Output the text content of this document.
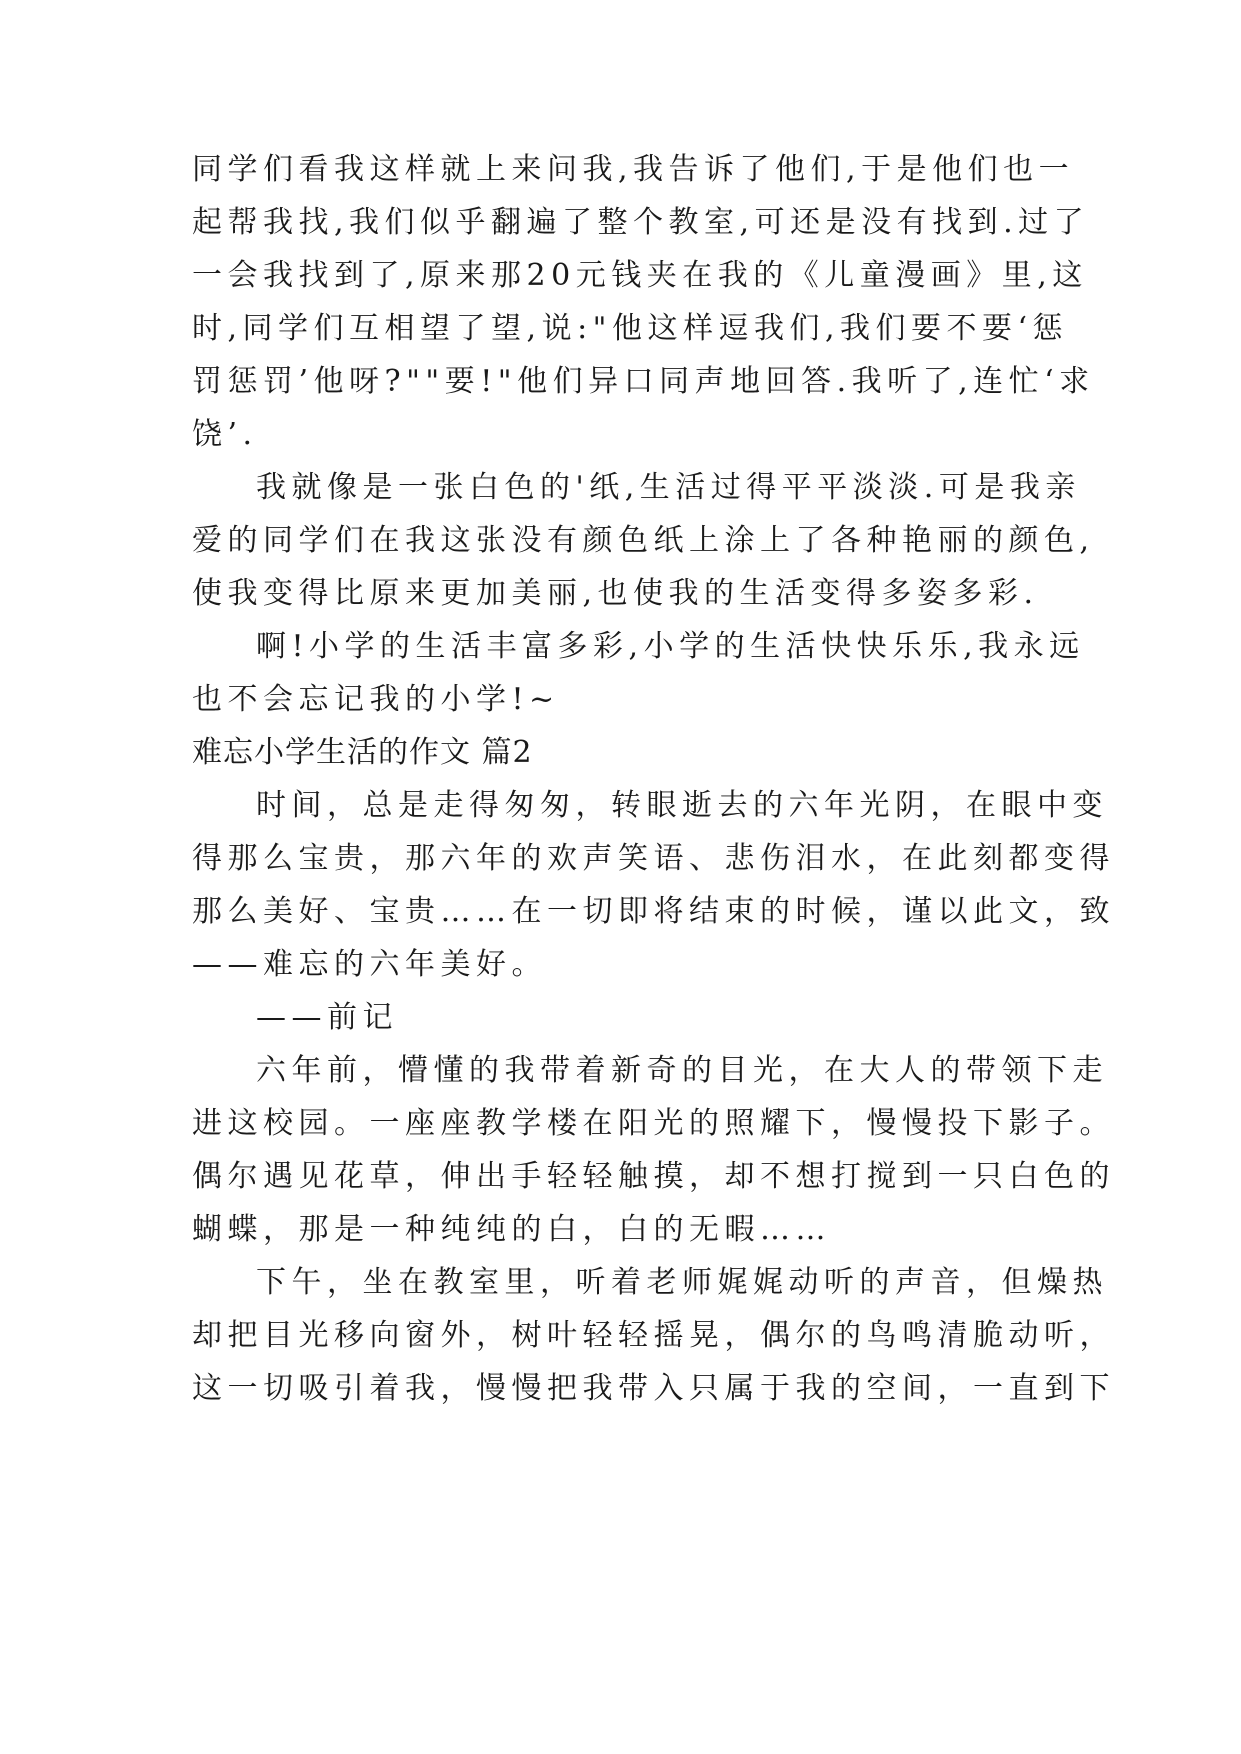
同学们看我这样就上来问我,我告诉了他们,于是他们也一
起帮我找,我们似乎翻遍了整个教室,可还是没有找到.过了
一会我找到了,原来那20元钱夹在我的《儿童漫画》里,这
时,同学们互相望了望,说:"他这样逗我们,我们要不要‘惩
罚惩罚’他呀?""要!"他们异口同声地回答.我听了,连忙‘求
饶’.
我就像是一张白色的'纸,生活过得平平淡淡.可是我亲
爱的同学们在我这张没有颜色纸上涂上了各种艳丽的颜色,
使我变得比原来更加美丽,也使我的生活变得多姿多彩.
啊!小学的生活丰富多彩,小学的生活快快乐乐,我永远
也不会忘记我的小学!~
难忘小学生活的作文 篇2
时间，总是走得匆匆，转眼逝去的六年光阴，在眼中变
得那么宝贵，那六年的欢声笑语、悲伤泪水，在此刻都变得
那么美好、宝贵……在一切即将结束的时候，谨以此文，致
——难忘的六年美好。
——前记
六年前，懵懂的我带着新奇的目光，在大人的带领下走
进这校园。一座座教学楼在阳光的照耀下，慢慢投下影子。
偶尔遇见花草，伸出手轻轻触摸，却不想打搅到一只白色的
蝴蝶，那是一种纯纯的白，白的无暇……
下午，坐在教室里，听着老师娓娓动听的声音，但燥热
却把目光移向窗外，树叶轻轻摇晃，偶尔的鸟鸣清脆动听，
这一切吸引着我，慢慢把我带入只属于我的空间，一直到下
